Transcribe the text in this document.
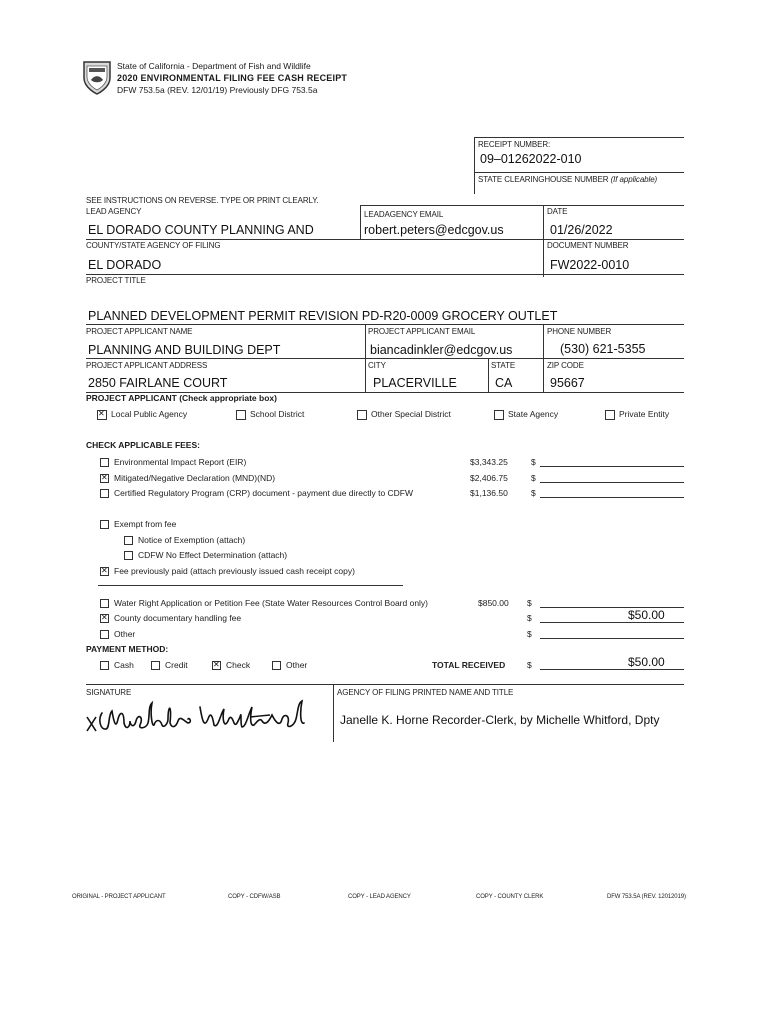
State of California - Department of Fish and Wildlife
2020 ENVIRONMENTAL FILING FEE CASH RECEIPT
DFW 753.5a (REV. 12/01/19) Previously DFG 753.5a
RECEIPT NUMBER:
09–01262022-010
STATE CLEARINGHOUSE NUMBER (If applicable)
SEE INSTRUCTIONS ON REVERSE. TYPE OR PRINT CLEARLY.
LEAD AGENCY	LEADAGENCY EMAIL	DATE
EL DORADO COUNTY PLANNING AND	robert.peters@edcgov.us	01/26/2022
COUNTY/STATE AGENCY OF FILING	DOCUMENT NUMBER
EL DORADO	FW2022-0010
PROJECT TITLE
PLANNED DEVELOPMENT PERMIT REVISION PD-R20-0009 GROCERY OUTLET
PROJECT APPLICANT NAME	PROJECT APPLICANT EMAIL	PHONE NUMBER
PLANNING AND BUILDING DEPT	biancadinkler@edcgov.us	(530) 621-5355
PROJECT APPLICANT ADDRESS	CITY	STATE	ZIP CODE
2850 FAIRLANE COURT	PLACERVILLE	CA	95667
PROJECT APPLICANT (Check appropriate box)
✕
Local Public Agency	School District	Other Special District	State Agency	Private Entity
CHECK APPLICABLE FEES:
Environmental Impact Report (EIR)	$3,343.25	$
✕
Mitigated/Negative Declaration (MND)(ND)	$2,406.75	$
Certified Regulatory Program (CRP) document - payment due directly to CDFW	$1,136.50	$
Exempt from fee
Notice of Exemption (attach)
CDFW No Effect Determination (attach)
✕
Fee previously paid (attach previously issued cash receipt copy)
Water Right Application or Petition Fee (State Water Resources Control Board only)	$850.00 $
✕
County documentary handling fee	$	$50.00
Other	$
PAYMENT METHOD:
Cash	Credit
✕	Check	Other	TOTAL RECEIVED	$	$50.00
SIGNATURE	AGENCY OF FILING PRINTED NAME AND TITLE
Janelle K. Horne Recorder-Clerk, by Michelle Whitford, Dpty
ORIGINAL - PROJECT APPLICANT	COPY - CDFW/ASB	COPY - LEAD AGENCY	COPY - COUNTY CLERK	DFW 753.5A (REV. 12012019)
